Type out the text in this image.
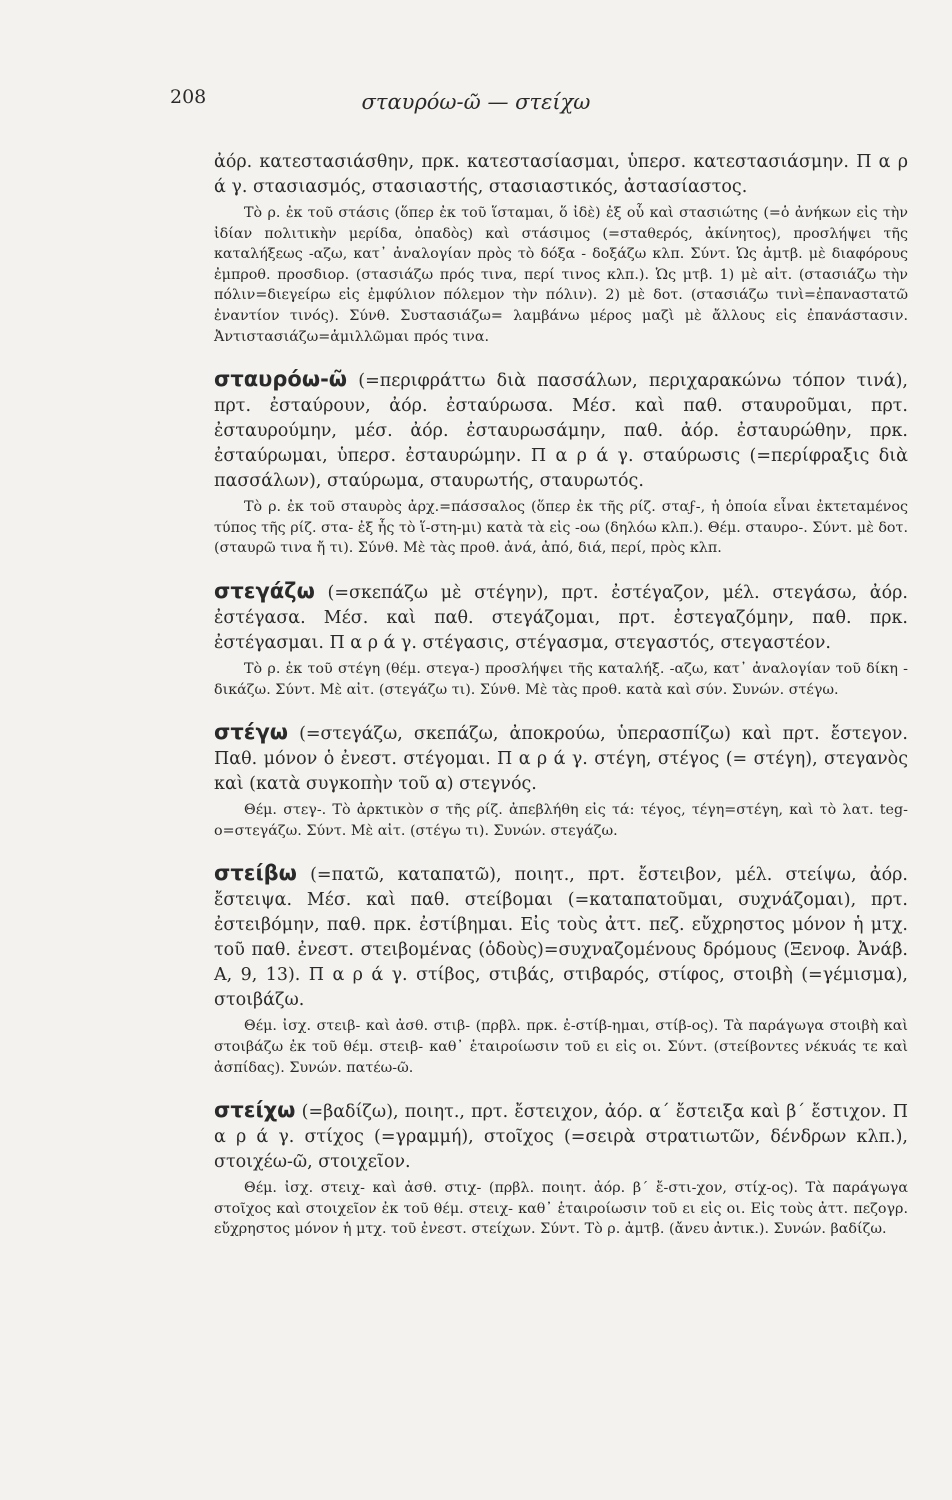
208	σταυρόω-ῶ — στείχω

ἀόρ. κατεστασιάσθην, πρκ. κατεστασίασμαι, ὑπερσ. κατεστασιάσμην. Π α ρ ά γ. στασιασμός, στασιαστής, στασιαστικός, ἀστασίαστος.

Τὸ ρ. ἐκ τοῦ στάσις (ὅπερ ἐκ τοῦ ἵσταμαι, ὅ ἰδὲ) ἐξ οὗ καὶ στασιώτης (=ὁ ἀνήκων εἰς τὴν ἰδίαν πολιτικὴν μερίδα, ὀπαδὸς) καὶ στάσιμος (=σταθερός, ἀκίνητος), προσλήψει τῆς καταλήξεως -αζω, κατ᾽ ἀναλογίαν πρὸς τὸ δόξα - δοξάζω κλπ. Σύντ. Ὡς ἀμτβ. μὲ διαφόρους ἐμπροθ. προσδιορ. (στασιάζω πρός τινα, περί τινος κλπ.). Ὡς μτβ. 1) μὲ αἰτ. (στασιάζω τὴν πόλιν=διεγείρω εἰς ἐμφύλιον πόλεμον τὴν πόλιν). 2) μὲ δοτ. (στασιάζω τινὶ=ἐπαναστατῶ ἐναντίον τινός). Σύνθ. Συστασιάζω= λαμβάνω μέρος μαζὶ μὲ ἄλλους εἰς ἐπανάστασιν. Ἀντιστασιάζω=ἁμιλλῶμαι πρός τινα.

σταυρόω-ῶ (=περιφράττω διὰ πασσάλων, περιχαρακώνω τόπον τινά), πρτ. ἐσταύρουν, ἀόρ. ἐσταύρωσα. Μέσ. καὶ παθ. σταυροῦμαι, πρτ. ἐσταυρούμην, μέσ. ἀόρ. ἐσταυρωσάμην, παθ. ἀόρ. ἐσταυρώθην, πρκ. ἐσταύρωμαι, ὑπερσ. ἐσταυρώμην. Π α ρ ά γ. σταύρωσις (=περίφραξις διὰ πασσάλων), σταύρωμα, σταυρωτής, σταυρωτός.

Τὸ ρ. ἐκ τοῦ σταυρὸς ἀρχ.=πάσσαλος (ὅπερ ἐκ τῆς ρίζ. σταϝ-, ἡ ὁποία εἶναι ἐκτεταμένος τύπος τῆς ρίζ. στα- ἐξ ἧς τὸ ἵ-στη-μι) κατὰ τὰ εἰς -οω (δηλόω κλπ.). Θέμ. σταυρο-. Σύντ. μὲ δοτ. (σταυρῶ τινα ἤ τι). Σύνθ. Μὲ τὰς προθ. ἀνά, ἀπό, διά, περί, πρὸς κλπ.

στεγάζω (=σκεπάζω μὲ στέγην), πρτ. ἐστέγαζον, μέλ. στεγάσω, ἀόρ. ἐστέγασα. Μέσ. καὶ παθ. στεγάζομαι, πρτ. ἐστεγαζόμην, παθ. πρκ. ἐστέγασμαι. Π α ρ ά γ. στέγασις, στέγασμα, στεγαστός, στεγαστέον.

Τὸ ρ. ἐκ τοῦ στέγη (θέμ. στεγα-) προσλήψει τῆς καταλήξ. -αζω, κατ᾽ ἀναλογίαν τοῦ δίκη - δικάζω. Σύντ. Μὲ αἰτ. (στεγάζω τι). Σύνθ. Μὲ τὰς προθ. κατὰ καὶ σύν. Συνών. στέγω.

στέγω (=στεγάζω, σκεπάζω, ἀποκρούω, ὑπερασπίζω) καὶ πρτ. ἔστεγον. Παθ. μόνον ὁ ἐνεστ. στέγομαι. Π α ρ ά γ. στέγη, στέγος (= στέγη), στεγανὸς καὶ (κατὰ συγκοπὴν τοῦ α) στεγνός.

Θέμ. στεγ-. Τὸ ἀρκτικὸν σ τῆς ρίζ. ἀπεβλήθη εἰς τά: τέγος, τέγη=στέγη, καὶ τὸ λατ. teg-o=στεγάζω. Σύντ. Μὲ αἰτ. (στέγω τι). Συνών. στεγάζω.

στείβω (=πατῶ, καταπατῶ), ποιητ., πρτ. ἔστειβον, μέλ. στείψω, ἀόρ. ἔστειψα. Μέσ. καὶ παθ. στείβομαι (=καταπατοῦμαι, συχνάζομαι), πρτ. ἐστειβόμην, παθ. πρκ. ἐστίβημαι. Εἰς τοὺς ἀττ. πεζ. εὔχρηστος μόνον ἡ μτχ. τοῦ παθ. ἐνεστ. στειβομένας (ὁδοὺς)=συχναζομένους δρόμους (Ξενοφ. Ἀνάβ. Α, 9, 13). Π α ρ ά γ. στίβος, στιβάς, στιβαρός, στίφος, στοιβὴ (=γέμισμα), στοιβάζω.

Θέμ. ἰσχ. στειβ- καὶ ἀσθ. στιβ- (πρβλ. πρκ. ἐ-στίβ-ημαι, στίβ-ος). Τὰ παράγωγα στοιβὴ καὶ στοιβάζω ἐκ τοῦ θέμ. στειβ- καθ᾽ ἑταιροίωσιν τοῦ ει εἰς οι. Σύντ. (στείβοντες νέκυάς τε καὶ ἀσπίδας). Συνών. πατέω-ῶ.

στείχω (=βαδίζω), ποιητ., πρτ. ἔστειχον, ἀόρ. α´ ἔστειξα καὶ β´ ἔστιχον. Π α ρ ά γ. στίχος (=γραμμή), στοῖχος (=σειρὰ στρατιωτῶν, δένδρων κλπ.), στοιχέω-ῶ, στοιχεῖον.

Θέμ. ἰσχ. στειχ- καὶ ἀσθ. στιχ- (πρβλ. ποιητ. ἀόρ. β´ ἔ-στι-χον, στίχ-ος). Τὰ παράγωγα στοῖχος καὶ στοιχεῖον ἐκ τοῦ θέμ. στειχ- καθ᾽ ἑταιροίωσιν τοῦ ει εἰς οι. Εἰς τοὺς ἀττ. πεζογρ. εὔχρηστος μόνον ἡ μτχ. τοῦ ἐνεστ. στείχων. Σύντ. Τὸ ρ. ἀμτβ. (ἄνευ ἀντικ.). Συνών. βαδίζω.
